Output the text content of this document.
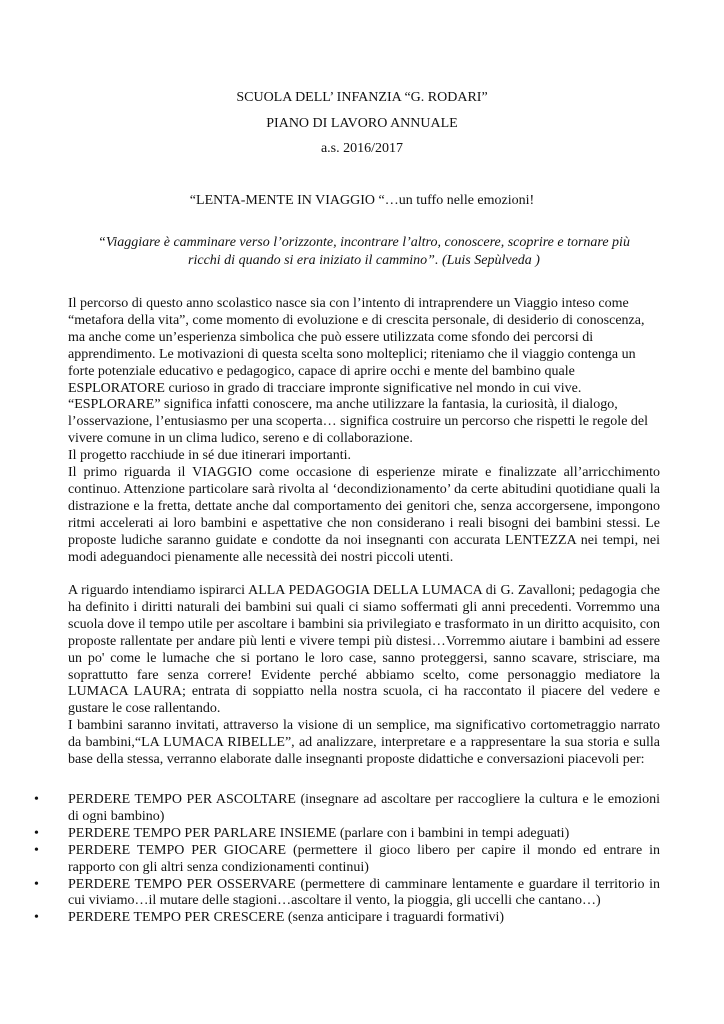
SCUOLA DELL’ INFANZIA “G. RODARI”
PIANO DI LAVORO ANNUALE
a.s. 2016/2017
“LENTA-MENTE IN VIAGGIO “…un tuffo nelle emozioni!
“Viaggiare è camminare verso l’orizzonte, incontrare l’altro, conoscere, scoprire e tornare più
ricchi di quando si era iniziato il cammino”. (Luis Sepùlveda )

Il percorso di questo anno scolastico nasce sia con l’intento di intraprendere un Viaggio inteso come “metafora della vita”, come momento di evoluzione e di crescita personale, di desiderio di conoscenza, ma anche come un’esperienza simbolica che può essere utilizzata come sfondo dei percorsi di apprendimento. Le motivazioni di questa scelta sono molteplici; riteniamo che il viaggio contenga un forte potenziale educativo e pedagogico, capace di aprire occhi e mente del bambino quale ESPLORATORE curioso in grado di tracciare impronte significative nel mondo in cui vive. “ESPLORARE” significa infatti conoscere, ma anche utilizzare la fantasia, la curiosità, il dialogo, l’osservazione, l’entusiasmo per una scoperta… significa costruire un percorso che rispetti le regole del vivere comune in un clima ludico, sereno e di collaborazione.

Il progetto racchiude in sé due itinerari importanti.

Il primo riguarda il VIAGGIO come occasione di esperienze mirate e finalizzate all’arricchimento continuo. Attenzione particolare sarà rivolta al ‘decondizionamento’ da certe abitudini quotidiane quali la distrazione e la fretta, dettate anche dal comportamento dei genitori che, senza accorgersene, impongono ritmi accelerati ai loro bambini e aspettative che non considerano i reali bisogni dei bambini stessi. Le proposte ludiche saranno guidate e condotte da noi insegnanti con accurata LENTEZZA nei tempi, nei modi adeguandoci pienamente alle necessità dei nostri piccoli utenti.

A riguardo intendiamo ispirarci ALLA PEDAGOGIA DELLA LUMACA di G. Zavalloni; pedagogia che ha definito i diritti naturali dei bambini sui quali ci siamo soffermati gli anni precedenti. Vorremmo una scuola dove il tempo utile per ascoltare i bambini sia privilegiato e trasformato in un diritto acquisito, con proposte rallentate per andare più lenti e vivere tempi più distesi…Vorremmo aiutare i bambini ad essere un po' come le lumache che si portano le loro case, sanno proteggersi, sanno scavare, strisciare, ma soprattutto fare senza correre! Evidente perché abbiamo scelto, come personaggio mediatore la LUMACA LAURA; entrata di soppiatto nella nostra scuola, ci ha raccontato il piacere del vedere e gustare le cose rallentando.

I bambini saranno invitati, attraverso la visione di un semplice, ma significativo cortometraggio narrato da bambini,“LA LUMACA RIBELLE”, ad analizzare, interpretare e a rappresentare la sua storia e sulla base della stessa, verranno elaborate dalle insegnanti proposte didattiche e conversazioni piacevoli per:

• PERDERE TEMPO PER ASCOLTARE (insegnare ad ascoltare per raccogliere la cultura e le emozioni di ogni bambino)
• PERDERE TEMPO PER PARLARE INSIEME (parlare con i bambini in tempi adeguati)
• PERDERE TEMPO PER GIOCARE (permettere il gioco libero per capire il mondo ed entrare in rapporto con gli altri senza condizionamenti continui)
• PERDERE TEMPO PER OSSERVARE (permettere di camminare lentamente e guardare il territorio in cui viviamo…il mutare delle stagioni…ascoltare il vento, la pioggia, gli uccelli che cantano…)
• PERDERE TEMPO PER CRESCERE (senza anticipare i traguardi formativi)
